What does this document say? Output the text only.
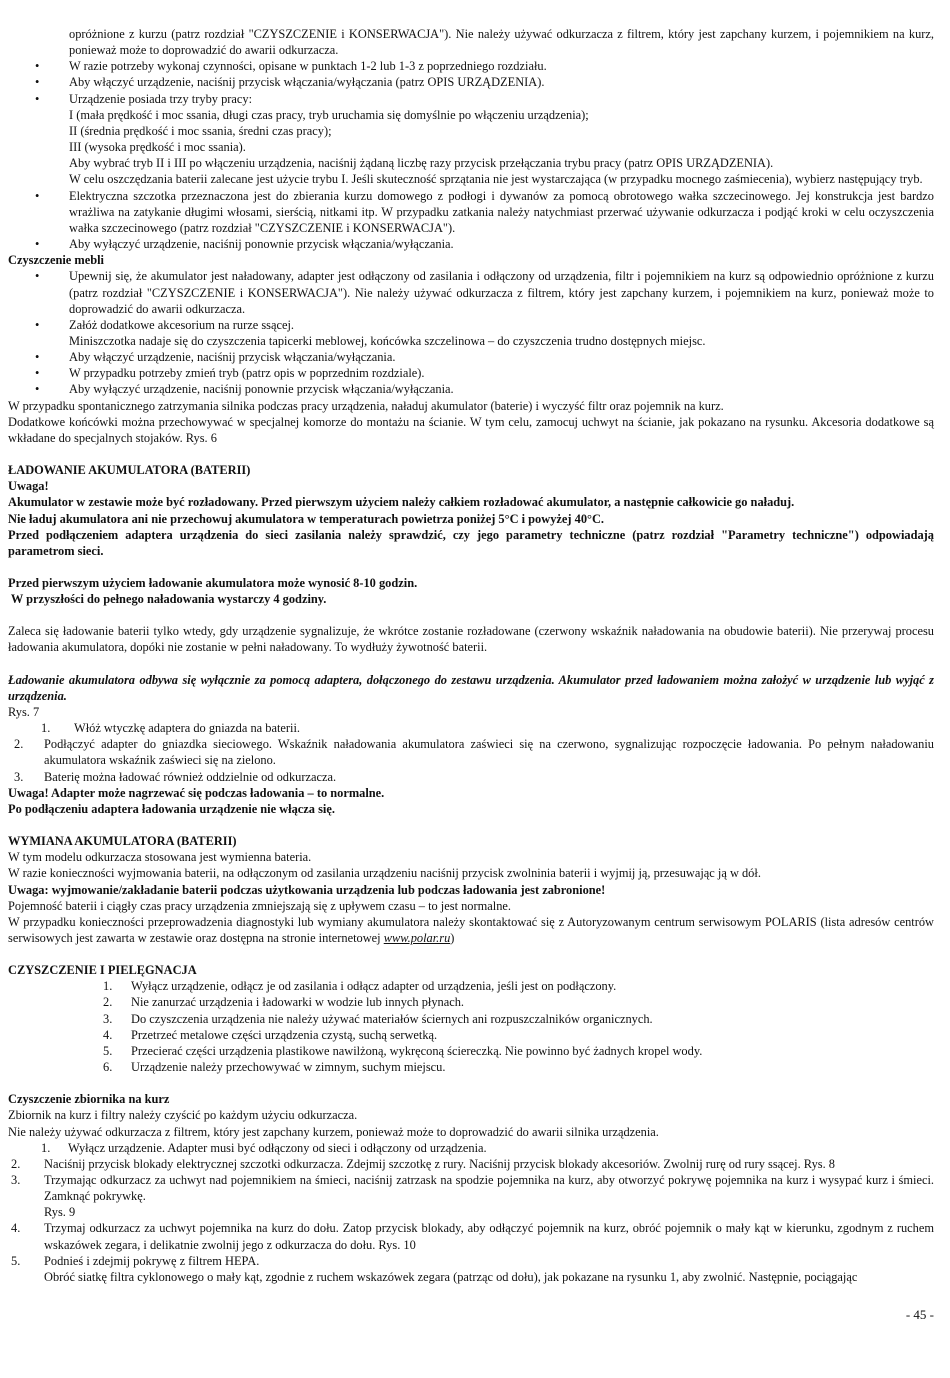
opróżnione z kurzu (patrz rozdział "CZYSZCZENIE i KONSERWACJA"). Nie należy używać odkurzacza z filtrem, który jest zapchany kurzem, i pojemnikiem na kurz, ponieważ może to doprowadzić do awarii odkurzacza.
• W razie potrzeby wykonaj czynności, opisane w punktach 1-2 lub 1-3 z poprzedniego rozdziału.
• Aby włączyć urządzenie, naciśnij przycisk włączania/wyłączania (patrz OPIS URZĄDZENIA).
• Urządzenie posiada trzy tryby pracy:
I (mała prędkość i moc ssania, długi czas pracy, tryb uruchamia się domyślnie po włączeniu urządzenia);
II (średnia prędkość i moc ssania, średni czas pracy);
III (wysoka prędkość i moc ssania).
Aby wybrać tryb II i III po włączeniu urządzenia, naciśnij żądaną liczbę razy przycisk przełączania trybu pracy (patrz OPIS URZĄDZENIA).
W celu oszczędzania baterii zalecane jest użycie trybu I. Jeśli skuteczność sprzątania nie jest wystarczająca (w przypadku mocnego zaśmiecenia), wybierz następujący tryb.
• Elektryczna szczotka przeznaczona jest do zbierania kurzu domowego z podłogi i dywanów za pomocą obrotowego wałka szczecinowego. Jej konstrukcja jest bardzo wrażliwa na zatykanie długimi włosami, sierścią, nitkami itp. W przypadku zatkania należy natychmiast przerwać używanie odkurzacza i podjąć kroki w celu oczyszczenia wałka szczecinowego (patrz rozdział "CZYSZCZENIE i KONSERWACJA").
• Aby wyłączyć urządzenie, naciśnij ponownie przycisk włączania/wyłączania.

Czyszczenie mebli

• Upewnij się, że akumulator jest naładowany, adapter jest odłączony od zasilania i odłączony od urządzenia, filtr i pojemnikiem na kurz są odpowiednio opróżnione z kurzu (patrz rozdział "CZYSZCZENIE i KONSERWACJA"). Nie należy używać odkurzacza z filtrem, który jest zapchany kurzem, i pojemnikiem na kurz, ponieważ może to doprowadzić do awarii odkurzacza.
• Załóż dodatkowe akcesorium na rurze ssącej.
Miniszczotka nadaje się do czyszczenia tapicerki meblowej, końcówka szczelinowa – do czyszczenia trudno dostępnych miejsc.
• Aby włączyć urządzenie, naciśnij przycisk włączania/wyłączania.
• W przypadku potrzeby zmień tryb (patrz opis w poprzednim rozdziale).
• Aby wyłączyć urządzenie, naciśnij ponownie przycisk włączania/wyłączania.

W przypadku spontanicznego zatrzymania silnika podczas pracy urządzenia, naładuj akumulator (baterie) i wyczyść filtr oraz pojemnik na kurz.

Dodatkowe końcówki można przechowywać w specjalnej komorze do montażu na ścianie. W tym celu, zamocuj uchwyt na ścianie, jak pokazano na rysunku. Akcesoria dodatkowe są wkładane do specjalnych stojaków. Rys. 6

ŁADOWANIE AKUMULATORA (BATERII)

Uwaga!

Akumulator w zestawie może być rozładowany. Przed pierwszym użyciem należy całkiem rozładować akumulator, a następnie całkowicie go naładuj.

Nie ładuj akumulatora ani nie przechowuj akumulatora w temperaturach powietrza poniżej 5°C i powyżej 40°C.

Przed podłączeniem adaptera urządzenia do sieci zasilania należy sprawdzić, czy jego parametry techniczne (patrz rozdział "Parametry techniczne") odpowiadają parametrom sieci.

Przed pierwszym użyciem ładowanie akumulatora może wynosić 8-10 godzin.

W przyszłości do pełnego naładowania wystarczy 4 godziny.

Zaleca się ładowanie baterii tylko wtedy, gdy urządzenie sygnalizuje, że wkrótce zostanie rozładowane (czerwony wskaźnik naładowania na obudowie baterii). Nie przerywaj procesu ładowania akumulatora, dopóki nie zostanie w pełni naładowany. To wydłuży żywotność baterii.

Ładowanie akumulatora odbywa się wyłącznie za pomocą adaptera, dołączonego do zestawu urządzenia. Akumulator przed ładowaniem można założyć w urządzenie lub wyjąć z urządzenia.

Rys. 7

1. Włóż wtyczkę adaptera do gniazda na baterii.
2. Podłączyć adapter do gniazdka sieciowego. Wskaźnik naładowania akumulatora zaświeci się na czerwono, sygnalizując rozpoczęcie ładowania. Po pełnym naładowaniu akumulatora wskaźnik zaświeci się na zielono.
3. Baterię można ładować również oddzielnie od odkurzacza.

Uwaga! Adapter może nagrzewać się podczas ładowania – to normalne.

Po podłączeniu adaptera ładowania urządzenie nie włącza się.

WYMIANA AKUMULATORA (BATERII)

W tym modelu odkurzacza stosowana jest wymienna bateria.

W razie konieczności wyjmowania baterii, na odłączonym od zasilania urządzeniu naciśnij przycisk zwolninia baterii i wyjmij ją, przesuwając ją w dół.

Uwaga: wyjmowanie/zakładanie baterii podczas użytkowania urządzenia lub podczas ładowania jest zabronione!

Pojemność baterii i ciągły czas pracy urządzenia zmniejszają się z upływem czasu – to jest normalne.

W przypadku konieczności przeprowadzenia diagnostyki lub wymiany akumulatora należy skontaktować się z Autoryzowanym centrum serwisowym POLARIS (lista adresów centrów serwisowych jest zawarta w zestawie oraz dostępna na stronie internetowej www.polar.ru)

CZYSZCZENIE I PIELĘGNACJA

1. Wyłącz urządzenie, odłącz je od zasilania i odłącz adapter od urządzenia, jeśli jest on podłączony.
2. Nie zanurzać urządzenia i ładowarki w wodzie lub innych płynach.
3. Do czyszczenia urządzenia nie należy używać materiałów ściernych ani rozpuszczalników organicznych.
4. Przetrzeć metalowe części urządzenia czystą, suchą serwetką.
5. Przecierać części urządzenia plastikowe nawilżoną, wykręconą ściereczką. Nie powinno być żadnych kropel wody.
6. Urządzenie należy przechowywać w zimnym, suchym miejscu.

Czyszczenie zbiornika na kurz

Zbiornik na kurz i filtry należy czyścić po każdym użyciu odkurzacza.

Nie należy używać odkurzacza z filtrem, który jest zapchany kurzem, ponieważ może to doprowadzić do awarii silnika urządzenia.

1. Wyłącz urządzenie. Adapter musi być odłączony od sieci i odłączony od urządzenia.
2. Naciśnij przycisk blokady elektrycznej szczotki odkurzacza. Zdejmij szczotkę z rury. Naciśnij przycisk blokady akcesoriów. Zwolnij rurę od rury ssącej. Rys. 8
3. Trzymając odkurzacz za uchwyt nad pojemnikiem na śmieci, naciśnij zatrzask na spodzie pojemnika na kurz, aby otworzyć pokrywę pojemnika na kurz i wysypać kurz i śmieci. Zamknąć pokrywkę.
Rys. 9
4. Trzymaj odkurzacz za uchwyt pojemnika na kurz do dołu. Zatop przycisk blokady, aby odłączyć pojemnik na kurz, obróć pojemnik o mały kąt w kierunku, zgodnym z ruchem wskazówek zegara, i delikatnie zwolnij jego z odkurzacza do dołu. Rys. 10
5. Podnieś i zdejmij pokrywę z filtrem HEPA.
Obróć siatkę filtra cyklonowego o mały kąt, zgodnie z ruchem wskazówek zegara (patrząc od dołu), jak pokazane na rysunku 1, aby zwolnić. Następnie, pociągając
- 45 -
